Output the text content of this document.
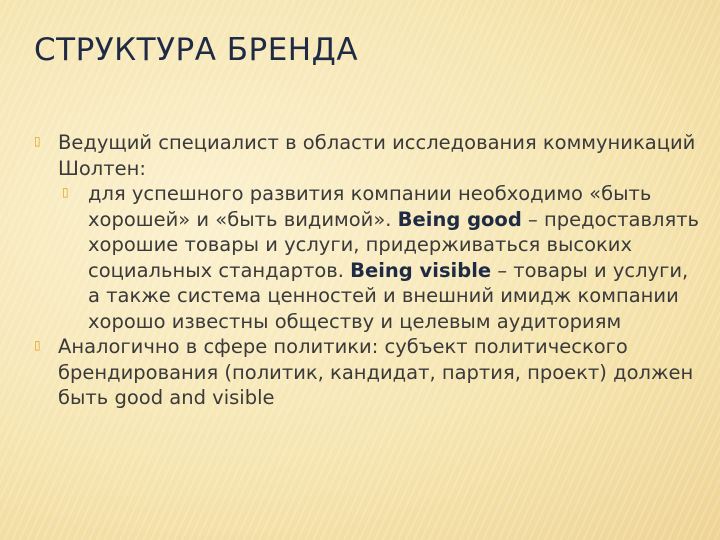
СТРУКТУРА БРЕНДА

▯ Ведущий специалист в области исследования коммуникаций Шолтен:

▯ для успешного развития компании необходимо «быть хорошей» и «быть видимой». Being good – предоставлять хорошие товары и услуги, придерживаться высоких социальных стандартов. Being visible – товары и услуги, а также система ценностей и внешний имидж компании хорошо известны обществу и целевым аудиториям

▯ Аналогично в сфере политики: субъект политического брендирования (политик, кандидат, партия, проект) должен быть good and visible
